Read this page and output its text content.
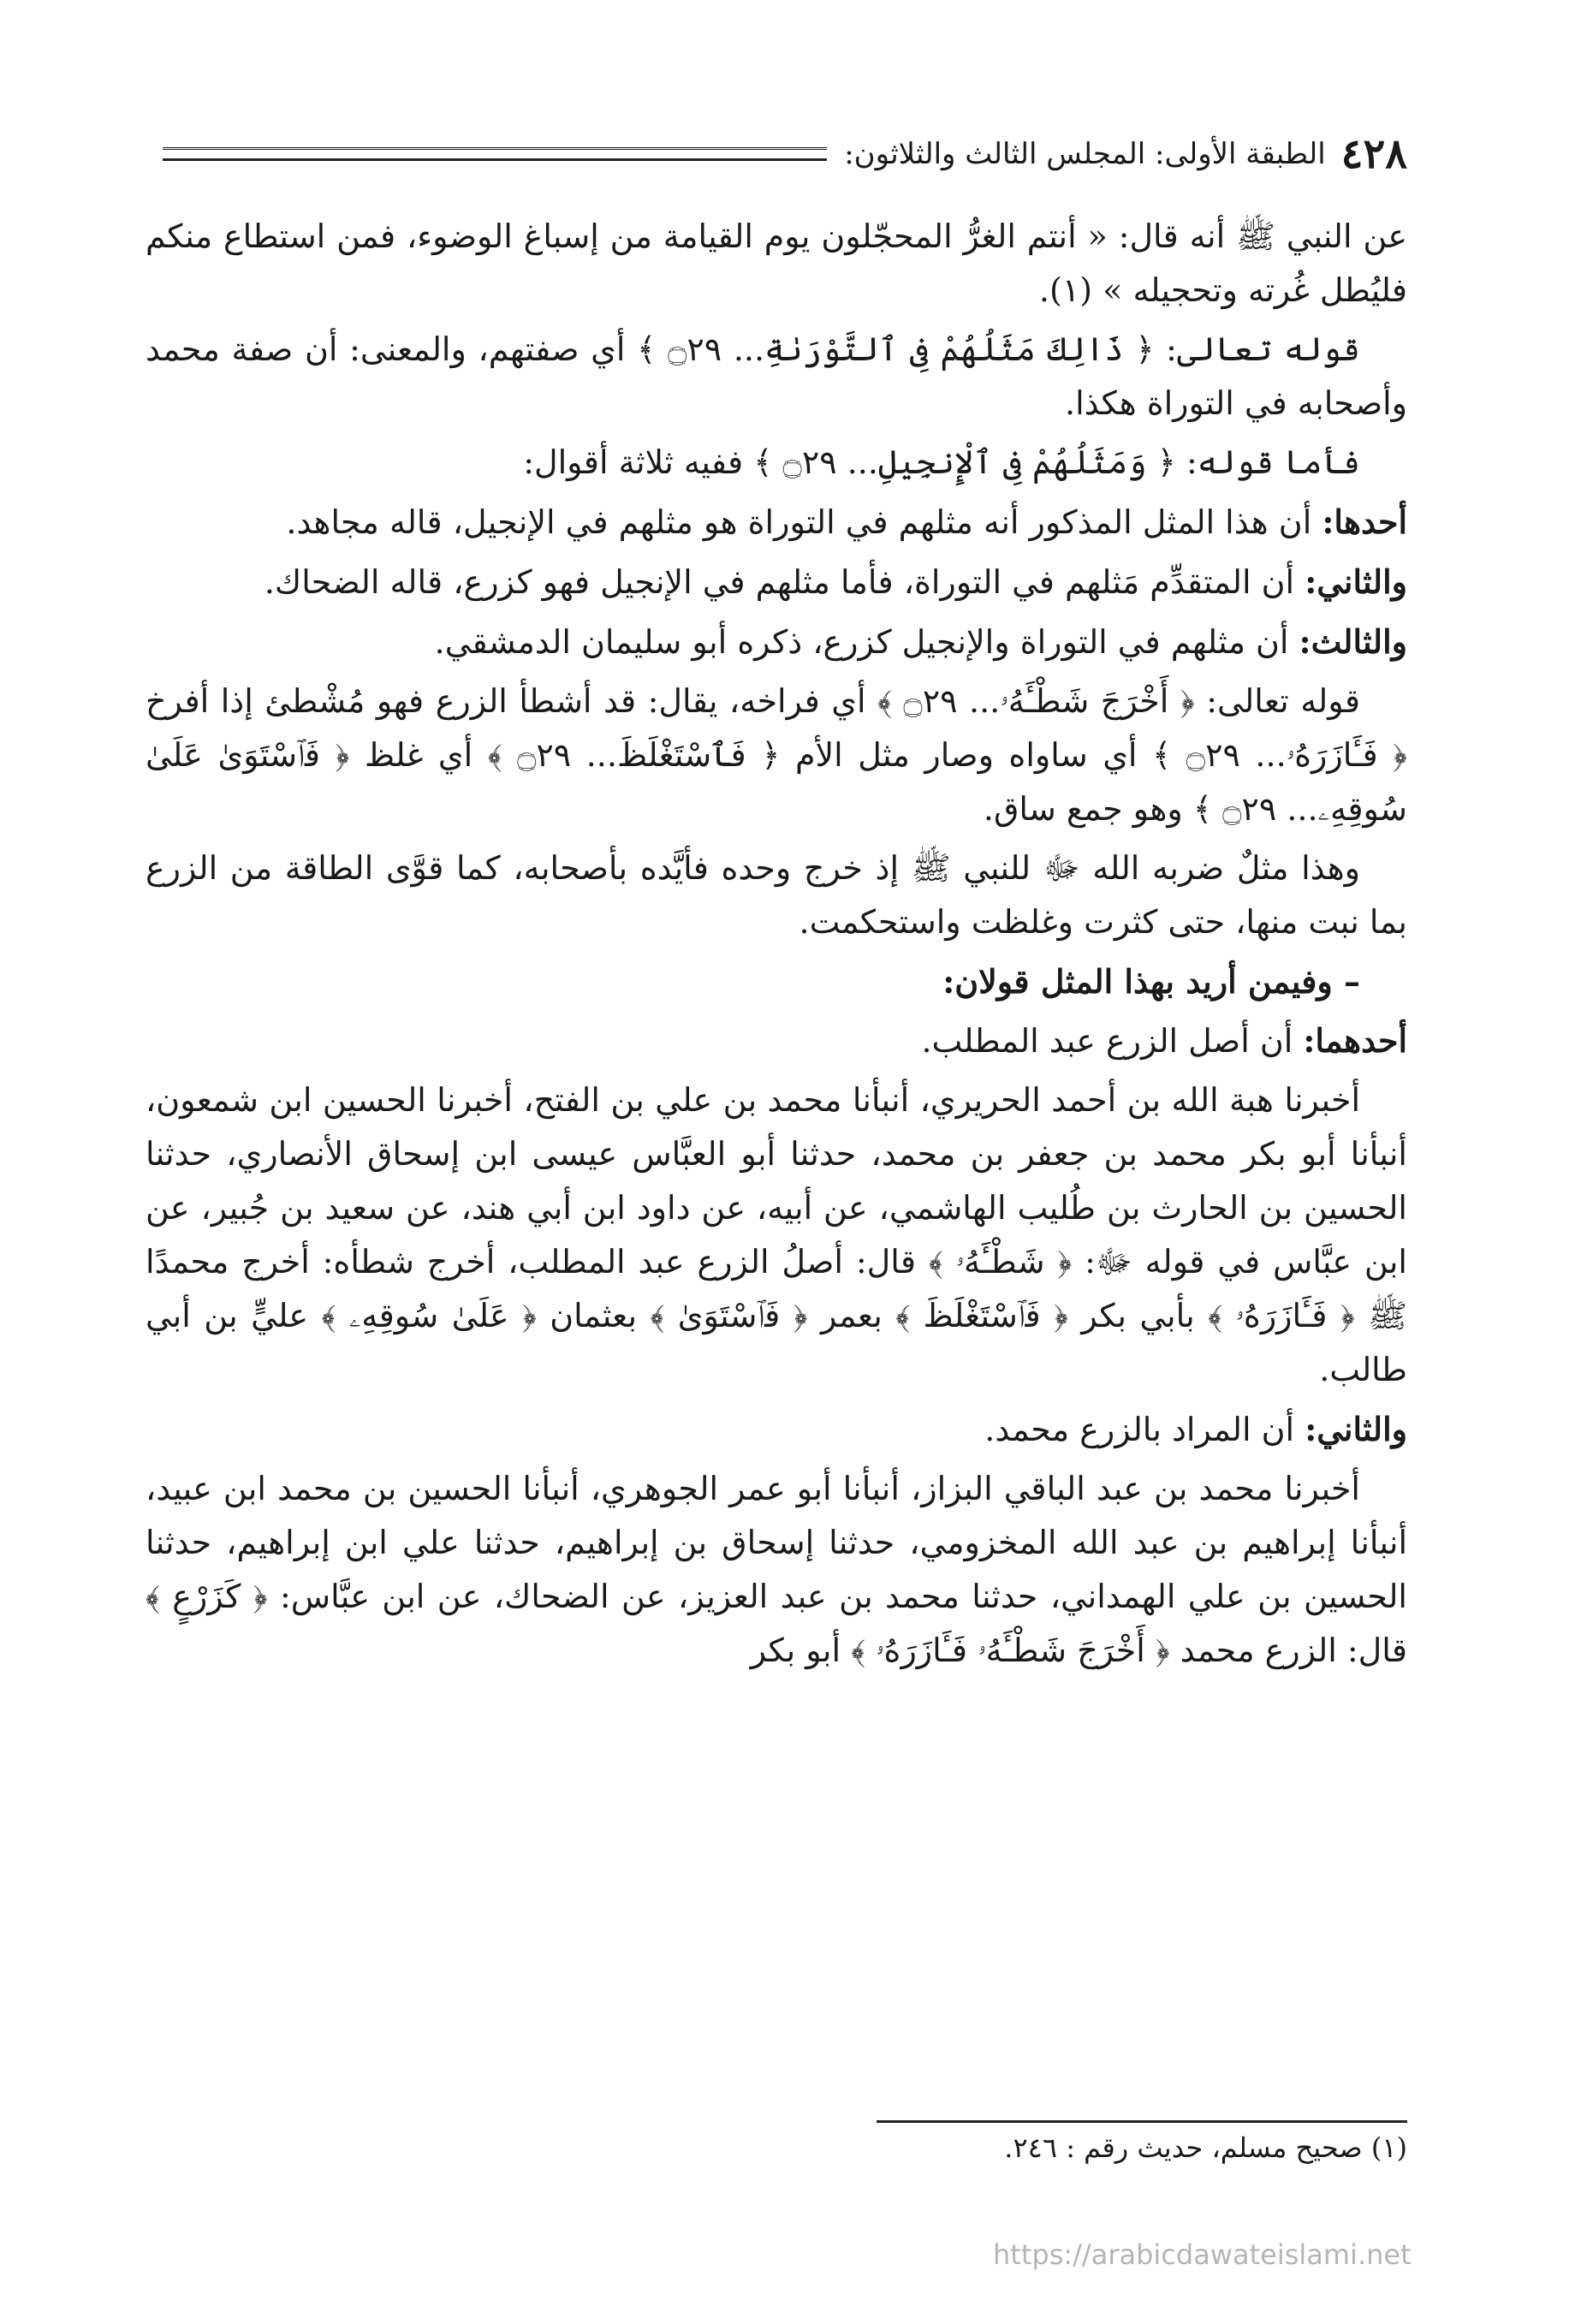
٤٢٨
الطبقة الأولى: المجلس الثالث والثلاثون:

عن النبي ﷺ أنه قال: « أنتم الغرُّ المحجّلون يوم القيامة من إسباغ الوضوء، فمن استطاع منكم فليُطل غُرته وتحجيله » (١).

قوله تعالى: ﴿ ذَالِكَ مَثَلُهُمْ فِى ٱلتَّوْرَىٰةِ... ۝٢٩ ﴾ أي صفتهم، والمعنى: أن صفة محمد وأصحابه في التوراة هكذا.

فأما قوله: ﴿ وَمَثَلُهُمْ فِى ٱلْإِنجِيلِ... ۝٢٩ ﴾ ففيه ثلاثة أقوال:

أحدها: أن هذا المثل المذكور أنه مثلهم في التوراة هو مثلهم في الإنجيل، قاله مجاهد.

والثاني: أن المتقدِّم مَثلهم في التوراة، فأما مثلهم في الإنجيل فهو كزرع، قاله الضحاك.

والثالث: أن مثلهم في التوراة والإنجيل كزرع، ذكره أبو سليمان الدمشقي.

قوله تعالى: ﴿ أَخْرَجَ شَطْـَٔهُۥ... ۝٢٩ ﴾ أي فراخه، يقال: قد أشطأ الزرع فهو مُشْطئ إذا أفرخ ﴿ فَـَٔازَرَهُۥ... ۝٢٩ ﴾ أي ساواه وصار مثل الأم ﴿ فَٱسْتَغْلَظَ... ۝٢٩ ﴾ أي غلظ ﴿ فَٱسْتَوَىٰ عَلَىٰ سُوقِهِۦ... ۝٢٩ ﴾ وهو جمع ساق.

وهذا مثلٌ ضربه الله ﷻ للنبي ﷺ إذ خرج وحده فأيَّده بأصحابه، كما قوَّى الطاقة من الزرع بما نبت منها، حتى كثرت وغلظت واستحكمت.

– وفيمن أريد بهذا المثل قولان:

أحدهما: أن أصل الزرع عبد المطلب.

أخبرنا هبة الله بن أحمد الحريري، أنبأنا محمد بن علي بن الفتح، أخبرنا الحسين ابن شمعون، أنبأنا أبو بكر محمد بن جعفر بن محمد، حدثنا أبو العبَّاس عيسى ابن إسحاق الأنصاري، حدثنا الحسين بن الحارث بن طُليب الهاشمي، عن أبيه، عن داود ابن أبي هند، عن سعيد بن جُبير، عن ابن عبَّاس في قوله ﷻ: ﴿ شَطْـَٔهُۥ ﴾ قال: أصلُ الزرع عبد المطلب، أخرج شطأه: أخرج محمدًا ﷺ ﴿ فَـَٔازَرَهُۥ ﴾ بأبي بكر ﴿ فَٱسْتَغْلَظَ ﴾ بعمر ﴿ فَٱسْتَوَىٰ ﴾ بعثمان ﴿ عَلَىٰ سُوقِهِۦ ﴾ عليٍّ بن أبي طالب.

والثاني: أن المراد بالزرع محمد.

أخبرنا محمد بن عبد الباقي البزاز، أنبأنا أبو عمر الجوهري، أنبأنا الحسين بن محمد ابن عبيد، أنبأنا إبراهيم بن عبد الله المخزومي، حدثنا إسحاق بن إبراهيم، حدثنا علي ابن إبراهيم، حدثنا الحسين بن علي الهمداني، حدثنا محمد بن عبد العزيز، عن الضحاك، عن ابن عبَّاس: ﴿ كَزَرْعٍ ﴾ قال: الزرع محمد ﴿ أَخْرَجَ شَطْـَٔهُۥ فَـَٔازَرَهُۥ ﴾ أبو بكر

(١) صحيح مسلم، حديث رقم : ٢٤٦.
https://arabicdawateislami.net
